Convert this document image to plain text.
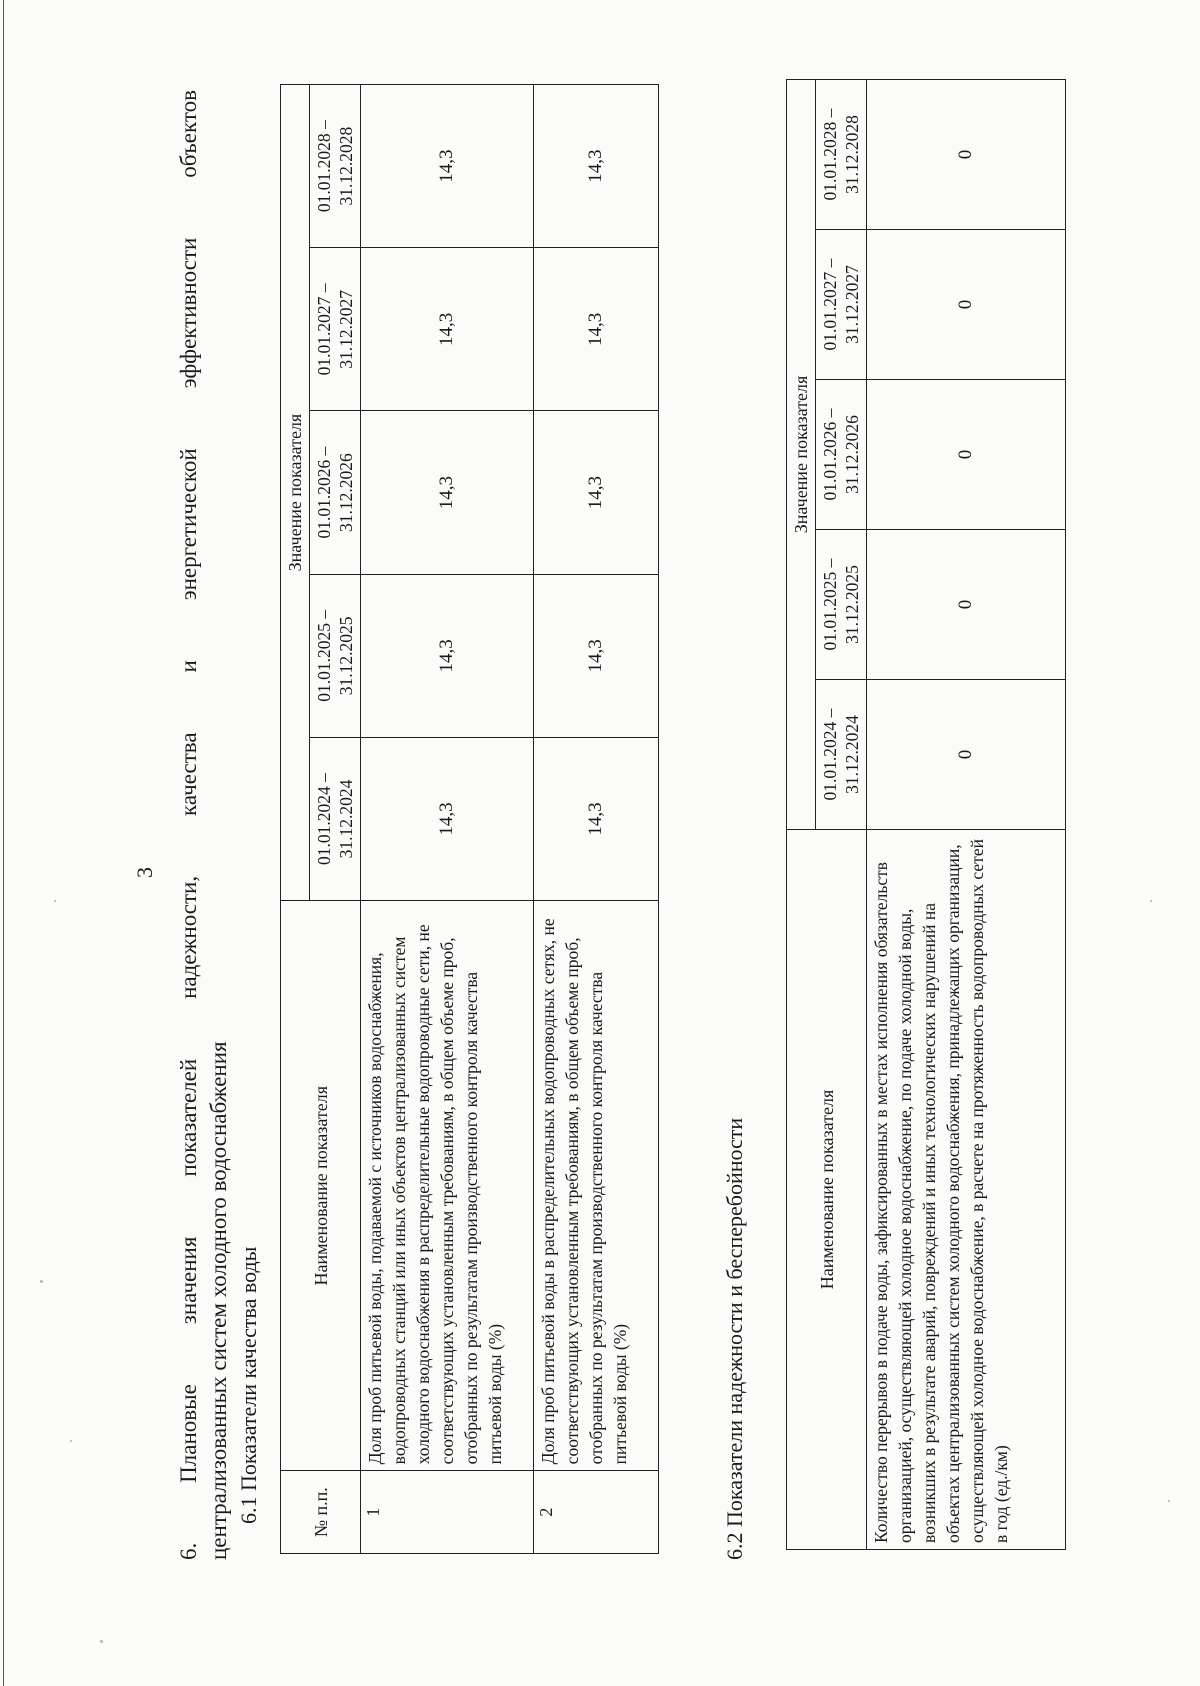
3
6.
Плановые
значения
показателей
надежности,
качества
и
энергетической
эффективности
объектов
централизованных систем холодного водоснабжения 6.1 Показатели качества воды	№ п.п.	Наименование показателя	Значение показателя				
		01.01.2024 – 31.12.2024	01.01.2025 – 31.12.2025	01.01.2026 – 31.12.2026	01.01.2027 – 31.12.2027	01.01.2028 – 31.12.2028
1	Доля проб питьевой воды, подаваемой с источников водоснабжения, водопроводных станций или иных объектов централизованных систем холодного водоснабжения в распределительные водопроводные сети, не соответствующих установленным требованиям, в общем объеме проб, отобранных по результатам производственного контроля качества питьевой воды (%)	14,3	14,3	14,3	14,3	14,3
2	Доля проб питьевой воды в распределительных водопроводных сетях, не соответствующих установленным требованиям, в общем объеме проб, отобранных по результатам производственного контроля качества питьевой воды (%)	14,3	14,3	14,3	14,3	14,3
6.2 Показатели надежности и бесперебойности	Наименование показателя	Значение показателя				
	01.01.2024 – 31.12.2024	01.01.2025 – 31.12.2025	01.01.2026 – 31.12.2026	01.01.2027 – 31.12.2027	01.01.2028 – 31.12.2028
Количество перерывов в подаче воды, зафиксированных в местах исполнения обязательств организацией, осуществляющей холодное водоснабжение, по подаче холодной воды, возникших в результате аварий, повреждений и иных технологических нарушений на объектах централизованных систем холодного водоснабжения, принадлежащих организации, осуществляющей холодное водоснабжение, в расчете на протяженность водопроводных сетей в год (ед./км)	0	0	0	0	0
